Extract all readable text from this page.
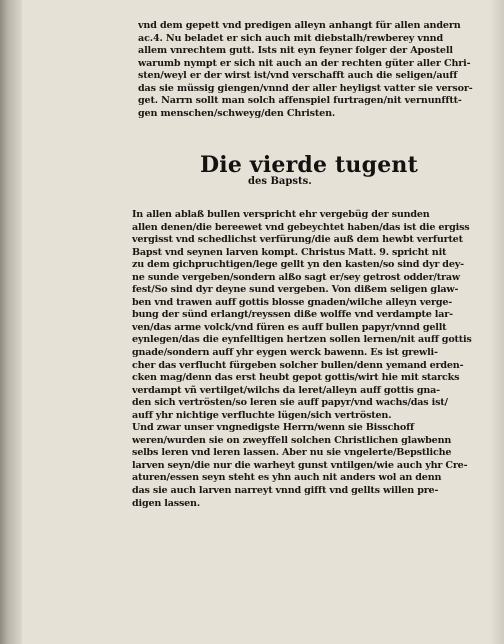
vnd dem gepett vnd predigen alleyn anhangt für allen andern
ac.4. Nu beladet er sich auch mit diebstalh/rewberey vnnd
allem vnrechtem gutt. Ists nit eyn feyner folger der Apostell
warumb nympt er sich nit auch an der rechten güter aller Chri-
sten/weyl er der wirst ist/vnd verschafft auch die seligen/auff
das sie müssig giengen/vnnd der aller heyligst vatter sie versor-
get. Narrn sollt man solch affenspiel furtragen/nit vernunfftt-
gen menschen/schweyg/den Christen.
Die vierde tugent
des Bapsts.
In allen ablaß bullen verspricht ehr vergebüg der sunden
allen denen/die bereewet vnd gebeychtet haben/das ist die ergiss
vergisst vnd schedlichst verfürung/die auß dem hewbt verfurtet
Bapst vnd seynen larven kompt. Christus Matt. 9. spricht nit
zu dem gichpruchtigen/lege gellt yn den kasten/so sind dyr dey-
ne sunde vergeben/sondern alßo sagt er/sey getrost odder/traw
fest/So sind dyr deyne sund vergeben. Von dißem seligen glaw-
ben vnd trawen auff gottis blosse gnaden/wilche alleyn verge-
bung der sünd erlangt/reyssen diße wolffe vnd verdampte lar-
ven/das arme volck/vnd füren es auff bullen papyr/vnnd gellt
eynlegen/das die eynfelltigen hertzen sollen lernen/nit auff gottis
gnade/sondern auff yhr eygen werck bawenn. Es ist grewli-
cher das verflucht fürgeben solcher bullen/denn yemand erden-
cken mag/denn das erst heubt gepot gottis/wirt hie mit starcks
verdampt vñ vertilget/wilchs da leret/alleyn auff gottis gna-
den sich vertrösten/so leren sie auff papyr/vnd wachs/das ist/
auff yhr nichtige verfluchte lügen/sich vertrösten.
Und zwar unser vngnedigste Herrn/wenn sie Bisschoff
weren/wurden sie on zweyffell solchen Christlichen glawbenn
selbs leren vnd leren lassen. Aber nu sie vngelerte/Bepstliche
larven seyn/die nur die warheyt gunst vntilgen/wie auch yhr Cre-
aturen/essen seyn steht es yhn auch nit anders wol an denn
das sie auch larven narreyt vnnd gifft vnd gellts willen pre-
digen lassen.
